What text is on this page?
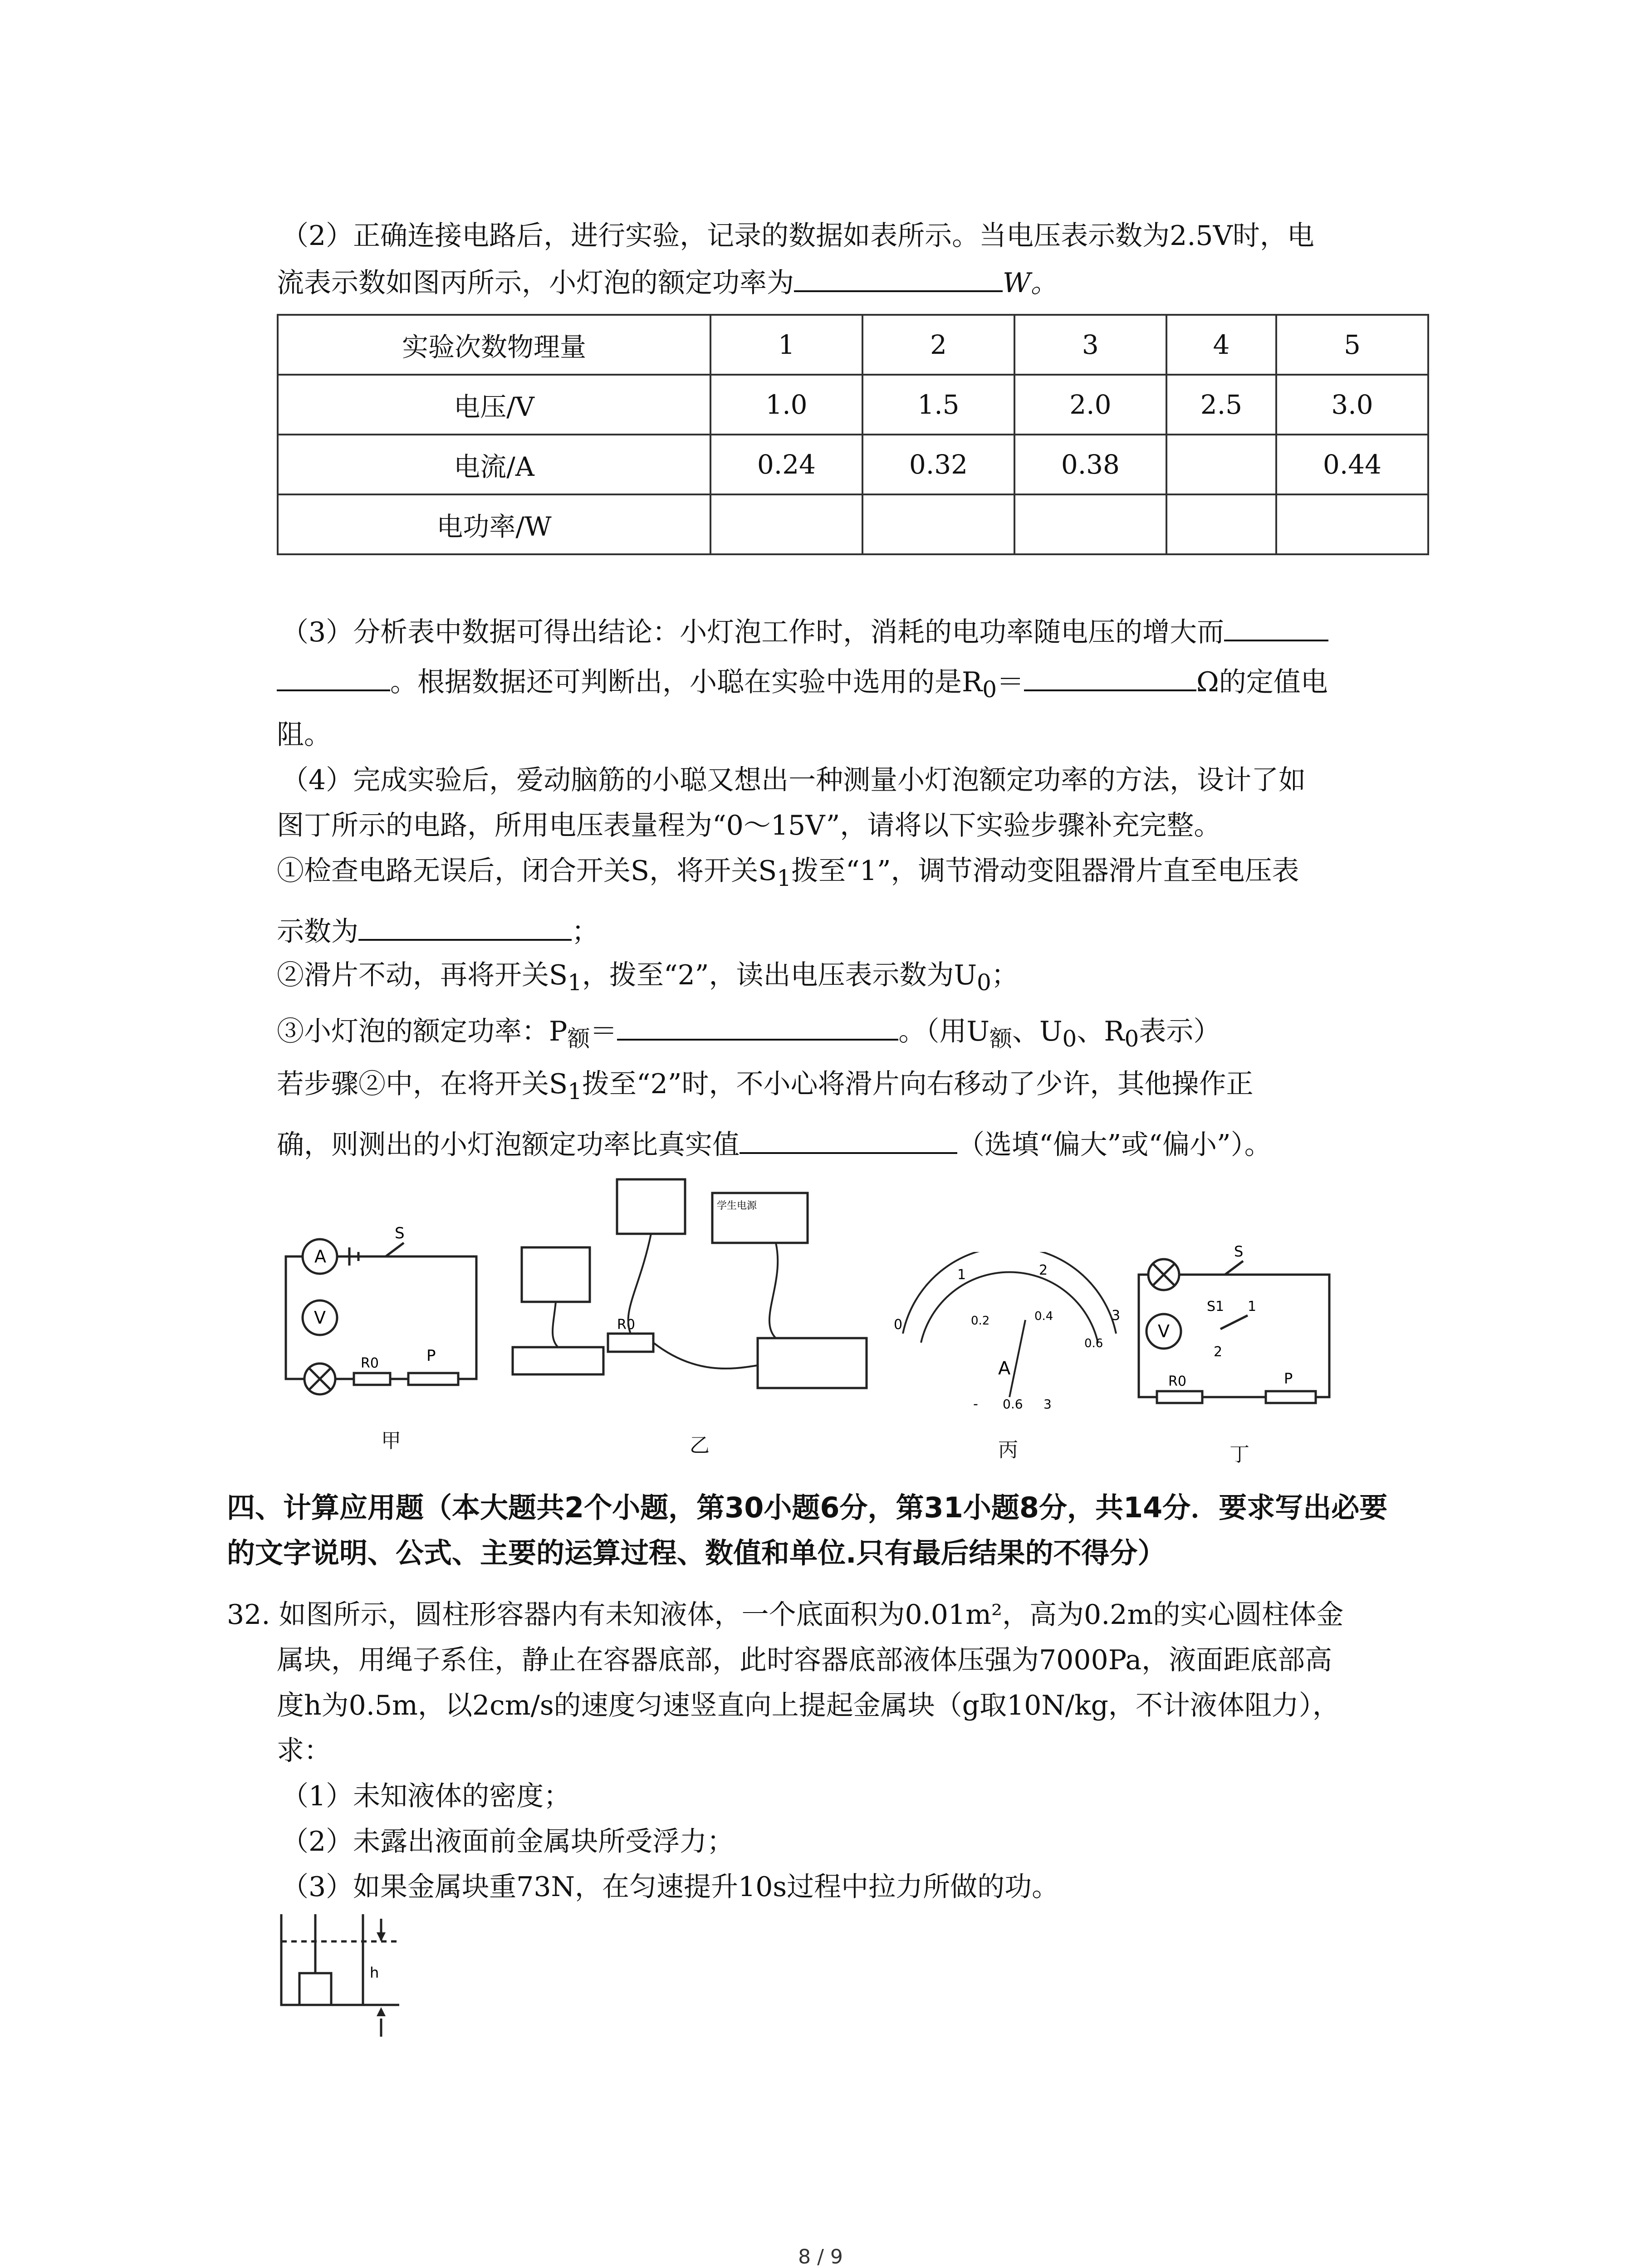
（2）正确连接电路后，进行实验，记录的数据如表所示。当电压表示数为2.5V时，电
流表示数如图丙所示，小灯泡的额定功率为	W。
实验次数物理量	1	2	3	4	5
电压/V	1.0	1.5	2.0	2.5	3.0
电流/A	0.24	0.32	0.38		0.44
电功率/W					
（3）分析表中数据可得出结论：小灯泡工作时，消耗的电功率随电压的增大而
。根据数据还可判断出，小聪在实验中选用的是$R_0=$	Ω的定值电
阻。
（4）完成实验后，爱动脑筋的小聪又想出一种测量小灯泡额定功率的方法，设计了如
图丁所示的电路，所用电压表量程为“0～15V”，请将以下实验步骤补充完整。
①检查电路无误后，闭合开关S，将开关$S_1$拨至“1”，调节滑动变阻器滑片直至电压表
示数为	；
②滑片不动，再将开关$S_1$，拨至“2”，读出电压表示数为$U_0$；
③小灯泡的额定功率：$P_额=$	。（用$U_额$、$U_0$、$R_0$表示）
若步骤②中，在将开关$S_1$拨至“2”时，不小心将滑片向右移动了少许，其他操作正
确，则测出的小灯泡额定功率比真实值	（选填“偏大”或“偏小”）。
A
V
S
R0	P
甲
学生电源
R0
乙
0
1	2
3
0.2	0.4
0.6
A
- 0.6 3
丙
S
S1 1
2
V
R0	P
丁
四、计算应用题（本大题共2个小题，第30小题6分，第31小题8分，共14分．要求写出必要
的文字说明、公式、主要的运算过程、数值和单位.只有最后结果的不得分）
32. 如图所示，圆柱形容器内有未知液体，一个底面积为0.01m²，高为0.2m的实心圆柱体金
属块，用绳子系住，静止在容器底部，此时容器底部液体压强为7000Pa，液面距底部高
度h为0.5m，以2cm/s的速度匀速竖直向上提起金属块（g取10N/kg，不计液体阻力），
求：
（1）未知液体的密度；
（2）未露出液面前金属块所受浮力；
（3）如果金属块重73N，在匀速提升10s过程中拉力所做的功。
h
8 / 9
